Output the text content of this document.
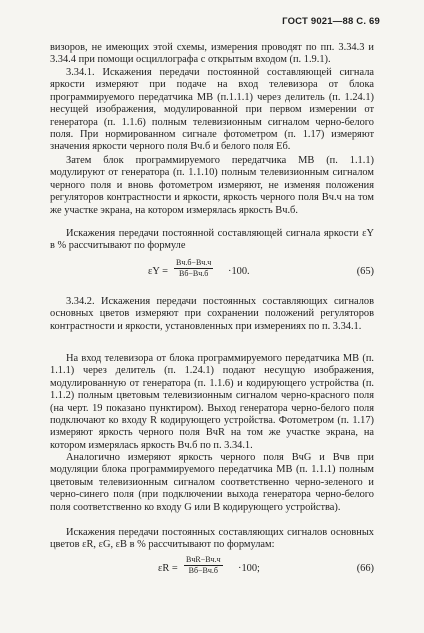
ГОСТ 9021—88 С. 69

визоров, не имеющих этой схемы, измерения проводят по пп. 3.34.3 и 3.34.4 при помощи осциллографа с открытым входом (п. 1.9.1).

3.34.1. Искажения передачи постоянной составляющей сигнала яркости измеряют при подаче на вход телевизора от блока программируемого передатчика МВ (п.1.1.1) через делитель (п. 1.24.1) несущей изображения, модулированной при первом измерении от генератора (п. 1.1.6) полным телевизионным сигналом черно-белого поля. При нормированном сигнале фотометром (п. 1.17) измеряют значения яркости черного поля Bч.б и белого поля Eб.

Затем блок программируемого передатчика МВ (п. 1.1.1) модулируют от генератора (п. 1.1.10) полным телевизионным сигналом черного поля и вновь фотометром измеряют, не изменяя положения регуляторов контрастности и яркости, яркость черного поля Bч.ч на том же участке экрана, на котором измерялась яркость Bч.б.

Искажения передачи постоянной составляющей сигнала яркости εY в % рассчитывают по формуле

εY =
Bч.б−Bч.ч
Bб−Bч.б	·100.	(65)

3.34.2. Искажения передачи постоянных составляющих сигналов основных цветов измеряют при сохранении положений регуляторов контрастности и яркости, установленных при измерениях по п. 3.34.1.

На вход телевизора от блока программируемого передатчика МВ (п. 1.1.1) через делитель (п. 1.24.1) подают несущую изображения, модулированную от генератора (п. 1.1.6) и кодирующего устройства (п. 1.1.2) полным цветовым телевизионным сигналом черно-красного поля (на черт. 19 показано пунктиром). Выход генератора черно-белого поля подключают ко входу R кодирующего устройства. Фотометром (п. 1.17) измеряют яркость черного поля BчR на том же участке экрана, на котором измерялась яркость Bч.б по п. 3.34.1.

Аналогично измеряют яркость черного поля BчG и Bчв при модуляции блока программируемого передатчика МВ (п. 1.1.1) полным цветовым телевизионным сигналом соответственно черно-зеленого и черно-синего поля (при подключении выхода генератора черно-белого поля соответственно ко входу G или B кодирующего устройства).

Искажения передачи постоянных составляющих сигналов основных цветов εR, εG, εB в % рассчитывают по формулам:

εR =
BчR−Bч.ч
Bб−Bч.б	·100;	(66)
